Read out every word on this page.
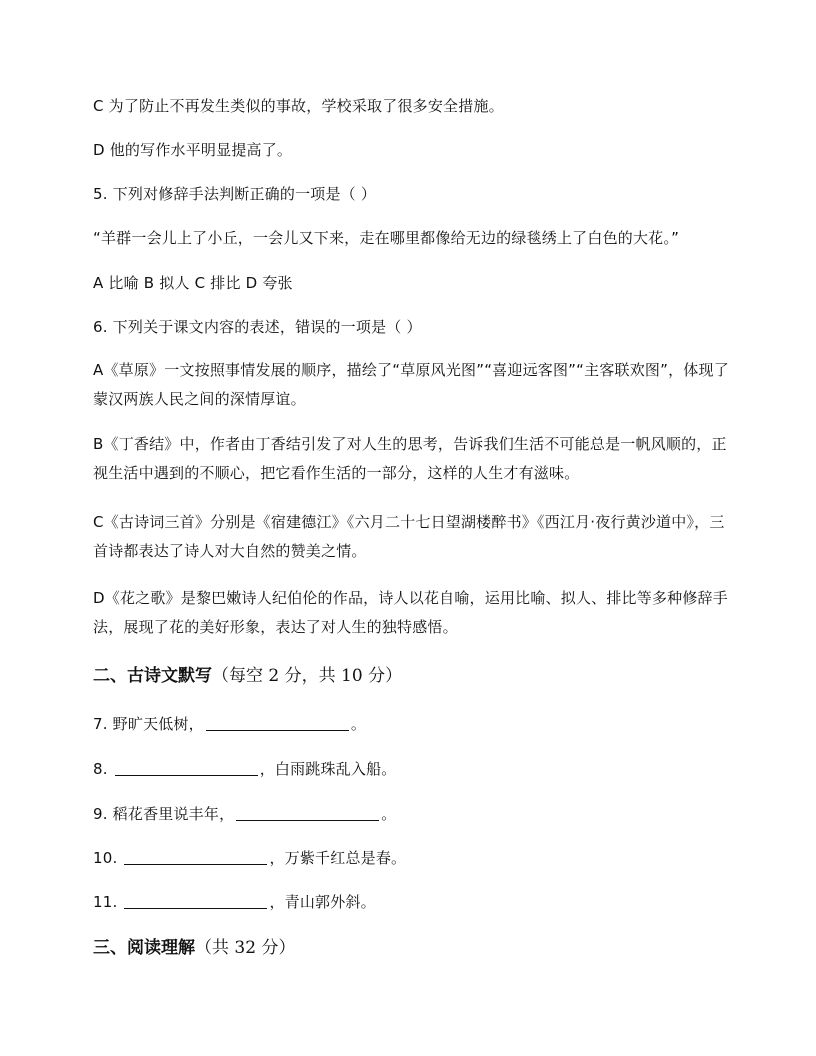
C 为了防止不再发生类似的事故，学校采取了很多安全措施。
D 他的写作水平明显提高了。
5. 下列对修辞手法判断正确的一项是（ ）
“羊群一会儿上了小丘，一会儿又下来，走在哪里都像给无边的绿毯绣上了白色的大花。”
A 比喻 B 拟人 C 排比 D 夸张
6. 下列关于课文内容的表述，错误的一项是（ ）
A《草原》一文按照事情发展的顺序，描绘了“草原风光图”“喜迎远客图”“主客联欢图”，体现了蒙汉两族人民之间的深情厚谊。
B《丁香结》中，作者由丁香结引发了对人生的思考，告诉我们生活不可能总是一帆风顺的，正视生活中遇到的不顺心，把它看作生活的一部分，这样的人生才有滋味。
C《古诗词三首》分别是《宿建德江》《六月二十七日望湖楼醉书》《西江月·夜行黄沙道中》，三首诗都表达了诗人对大自然的赞美之情。
D《花之歌》是黎巴嫩诗人纪伯伦的作品，诗人以花自喻，运用比喻、拟人、排比等多种修辞手法，展现了花的美好形象，表达了对人生的独特感悟。
二、古诗文默写（每空 2 分，共 10 分）
7. 野旷天低树，	。
8.	，白雨跳珠乱入船。
9. 稻花香里说丰年，	。
10.	，万紫千红总是春。
11.	，青山郭外斜。
三、阅读理解（共 32 分）
